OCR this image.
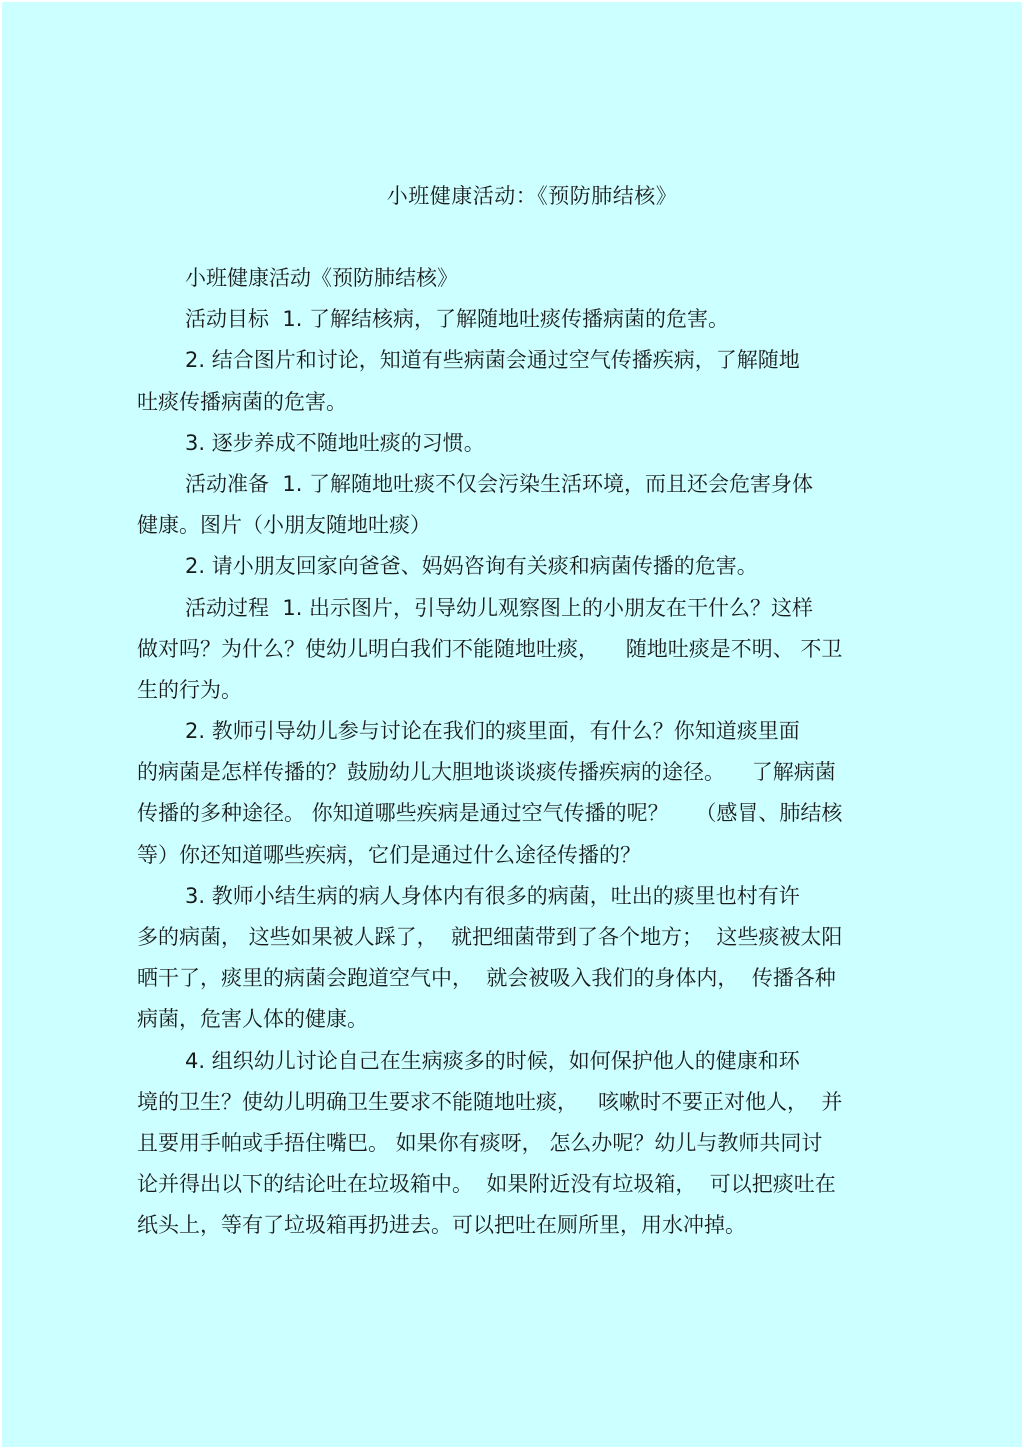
小班健康活动：《预防肺结核》
小班健康活动《预防肺结核》
活动目标  1. 了解结核病，了解随地吐痰传播病菌的危害。
2. 结合图片和讨论，知道有些病菌会通过空气传播疾病，了解随地
吐痰传播病菌的危害。
3. 逐步养成不随地吐痰的习惯。
活动准备  1. 了解随地吐痰不仅会污染生活环境，而且还会危害身体
健康。图片（小朋友随地吐痰）
2. 请小朋友回家向爸爸、妈妈咨询有关痰和病菌传播的危害。
活动过程  1. 出示图片，引导幼儿观察图上的小朋友在干什么？这样
做对吗？为什么？使幼儿明白我们不能随地吐痰，    随地吐痰是不明、 不卫
生的行为。
2. 教师引导幼儿参与讨论在我们的痰里面，有什么？你知道痰里面
的病菌是怎样传播的？鼓励幼儿大胆地谈谈痰传播疾病的途径。    了解病菌
传播的多种途径。 你知道哪些疾病是通过空气传播的呢？    （感冒、肺结核
等）你还知道哪些疾病，它们是通过什么途径传播的？
3. 教师小结生病的病人身体内有很多的病菌，吐出的痰里也村有许
多的病菌， 这些如果被人踩了，  就把细菌带到了各个地方；  这些痰被太阳
晒干了，痰里的病菌会跑道空气中，  就会被吸入我们的身体内，  传播各种
病菌，危害人体的健康。
4. 组织幼儿讨论自己在生病痰多的时候，如何保护他人的健康和环
境的卫生？使幼儿明确卫生要求不能随地吐痰，   咳嗽时不要正对他人，  并
且要用手帕或手捂住嘴巴。 如果你有痰呀， 怎么办呢？幼儿与教师共同讨
论并得出以下的结论吐在垃圾箱中。  如果附近没有垃圾箱，  可以把痰吐在
纸头上，等有了垃圾箱再扔进去。可以把吐在厕所里，用水冲掉。
